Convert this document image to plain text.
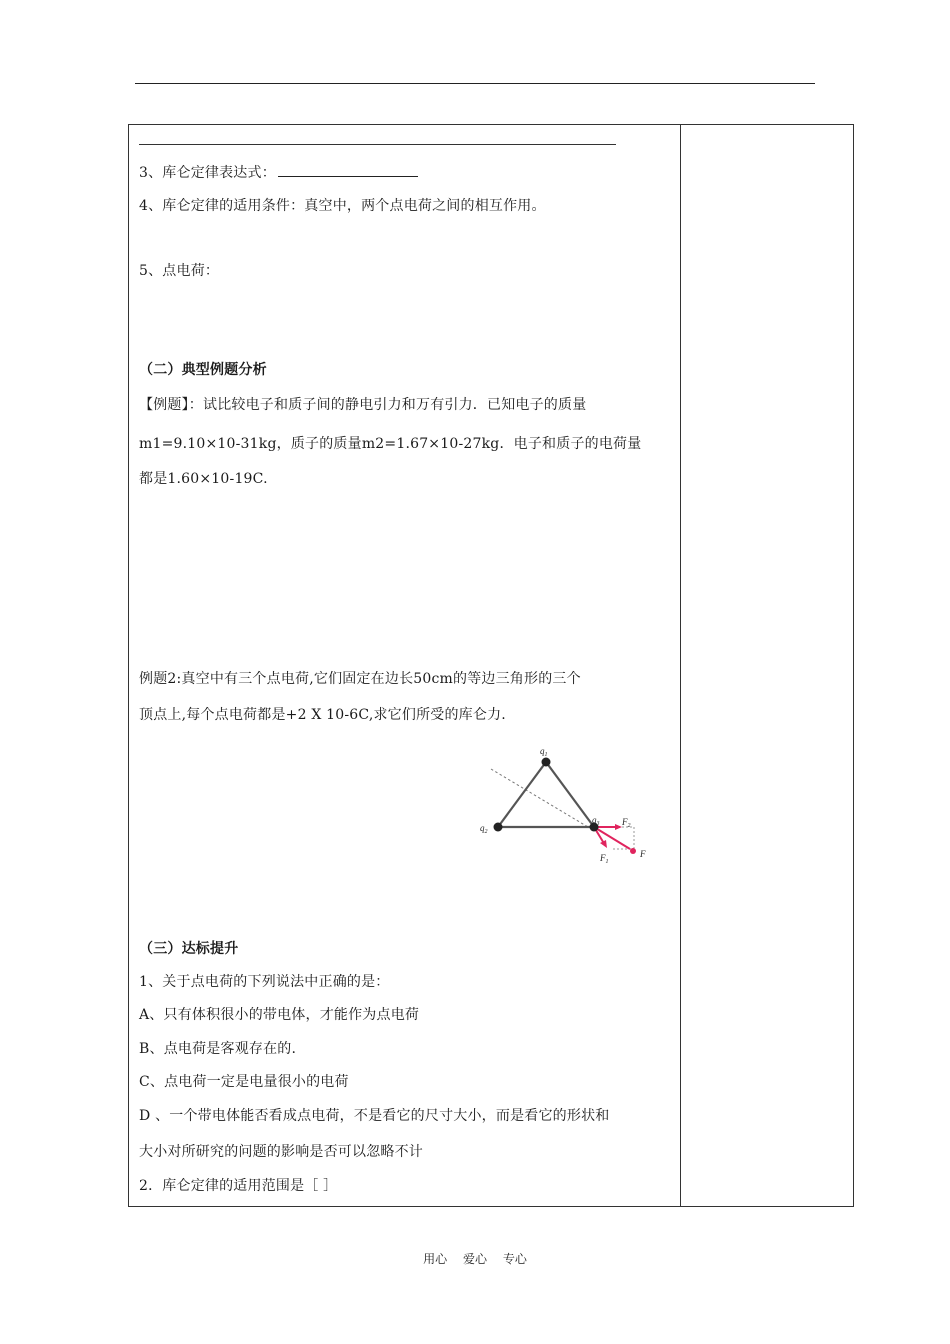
3、库仑定律表达式：
4、库仑定律的适用条件：真空中，两个点电荷之间的相互作用。
5、点电荷：
（二）典型例题分析
【例题】：试比较电子和质子间的静电引力和万有引力．已知电子的质量
m1=9.10×10-31kg，质子的质量m2=1.67×10-27kg．电子和质子的电荷量
都是1.60×10-19C.
例题2:真空中有三个点电荷,它们固定在边长50cm的等边三角形的三个
顶点上,每个点电荷都是+2 X 10-6C,求它们所受的库仑力.
$q_1$
$q_2$
$q_3$	$F_2$
$F_1$
F
（三）达标提升
1、关于点电荷的下列说法中正确的是：
A、只有体积很小的带电体，才能作为点电荷
B、点电荷是客观存在的.
C、点电荷一定是电量很小的电荷
D 、一个带电体能否看成点电荷，不是看它的尺寸大小，而是看它的形状和
大小对所研究的问题的影响是否可以忽略不计
2．库仑定律的适用范围是［ ］
用心 爱心 专心
